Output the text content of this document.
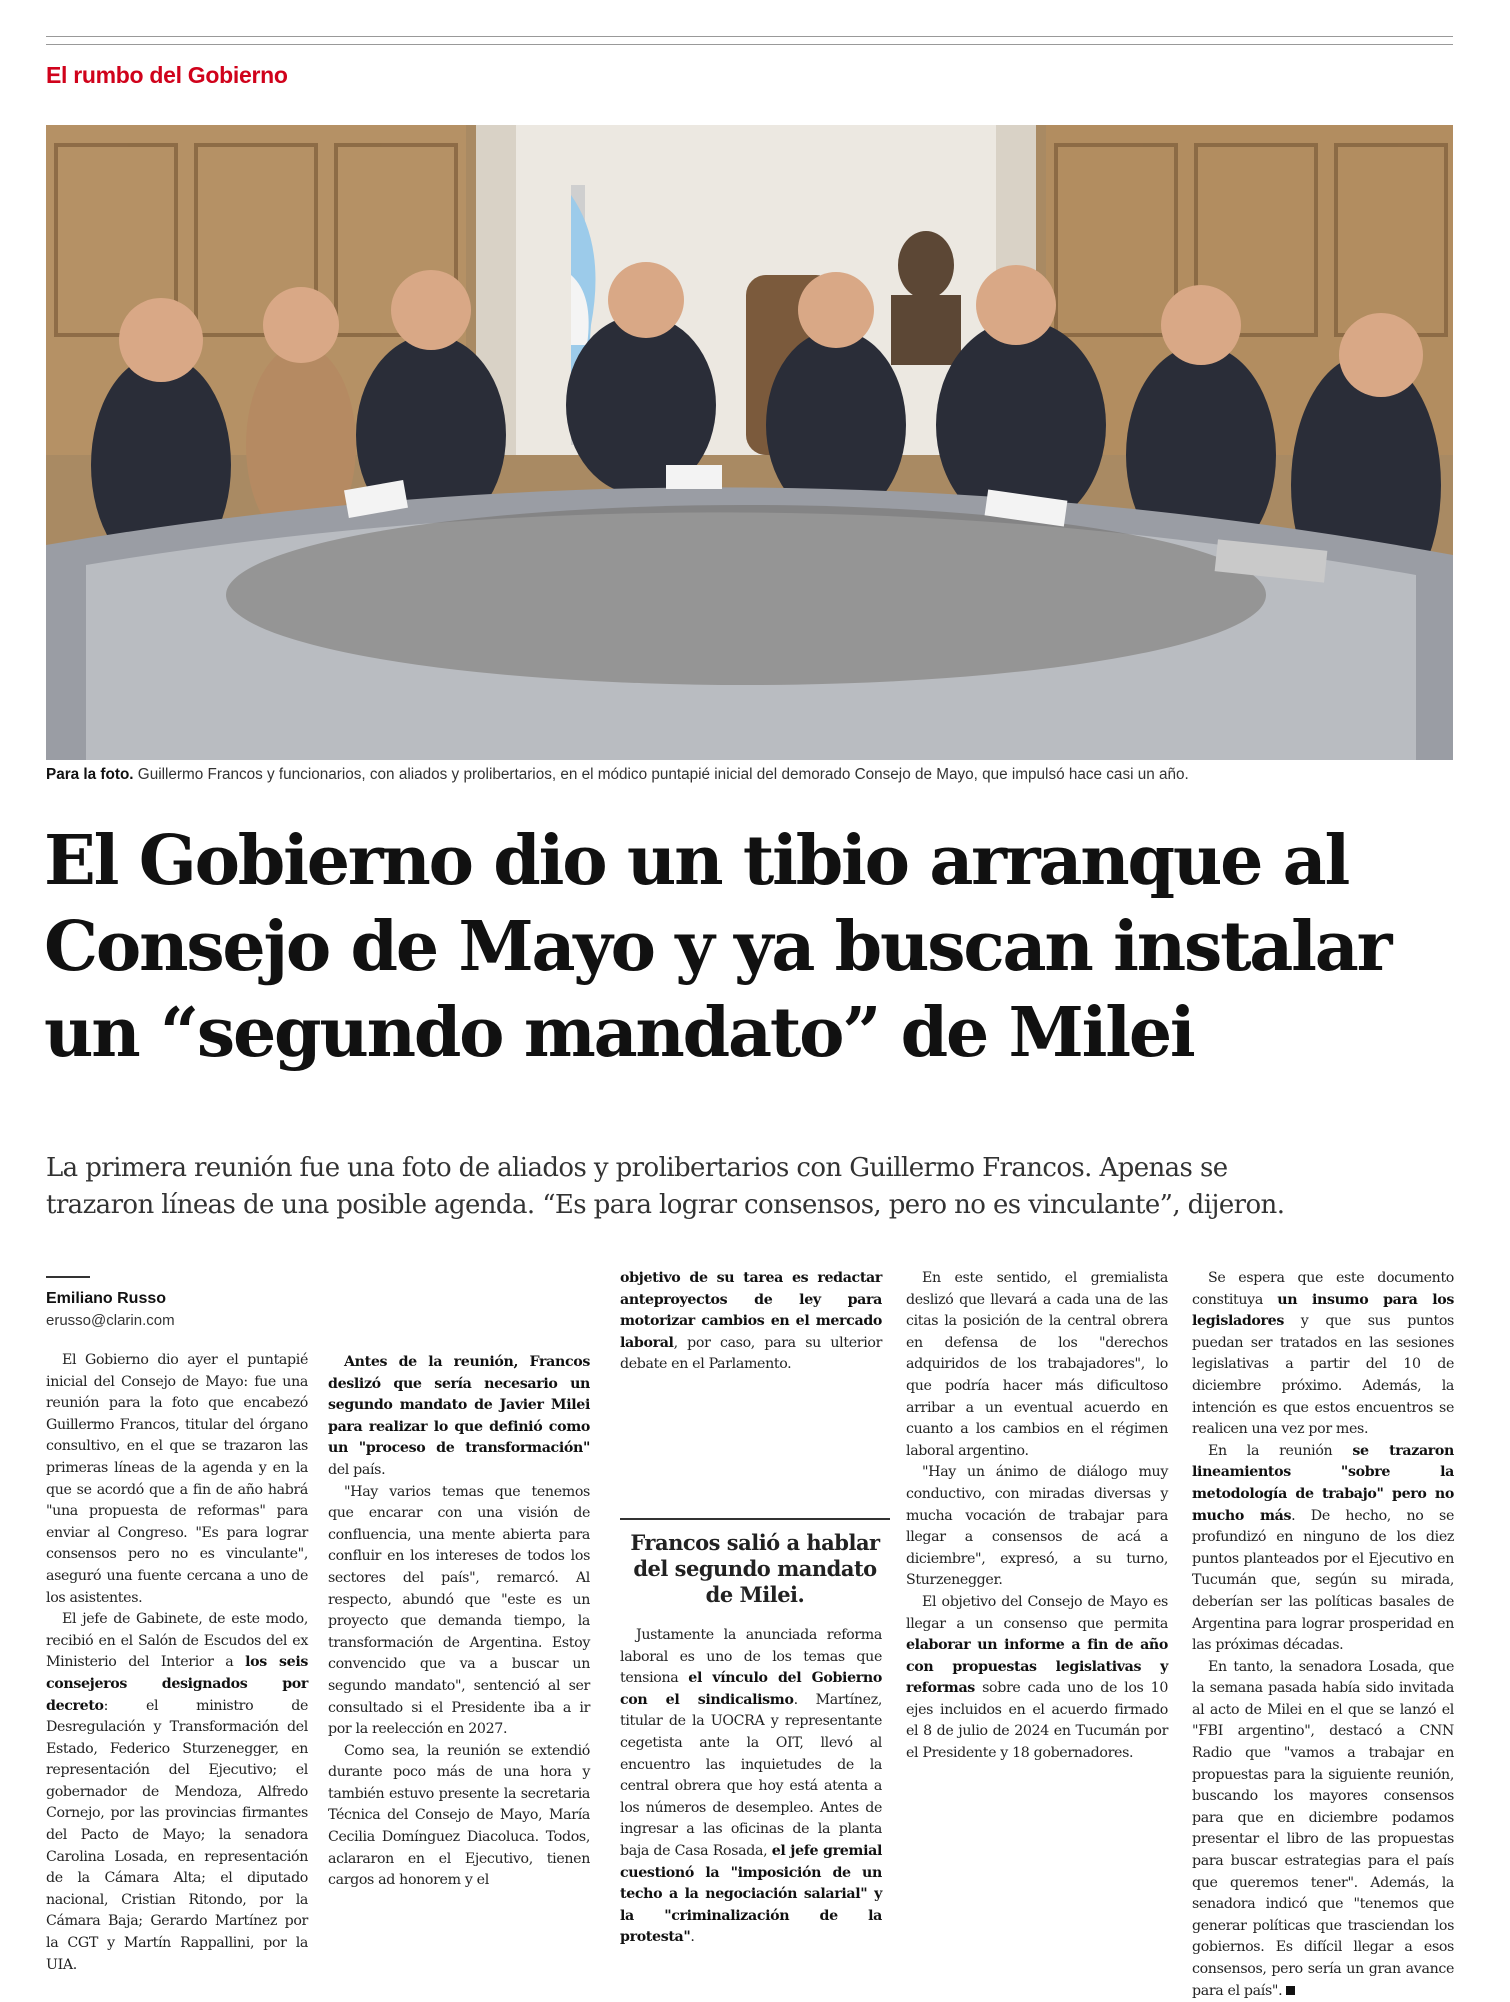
El rumbo del Gobierno
Para la foto. Guillermo Francos y funcionarios, con aliados y prolibertarios, en el módico puntapié inicial del demorado Consejo de Mayo, que impulsó hace casi un año.
El Gobierno dio un tibio arranque al
Consejo de Mayo y ya buscan instalar
un “segundo mandato” de Milei
La primera reunión fue una foto de aliados y prolibertarios con Guillermo Francos. Apenas se
trazaron líneas de una posible agenda. “Es para lograr consensos, pero no es vinculante”, dijeron.
Emiliano Russo
erusso@clarin.com

El Gobierno dio ayer el puntapié inicial del Consejo de Mayo: fue una reunión para la foto que encabezó Guillermo Francos, titular del órgano consultivo, en el que se trazaron las primeras líneas de la agenda y en la que se acordó que a fin de año habrá "una propuesta de reformas" para enviar al Congreso. "Es para lograr consensos pero no es vinculante", aseguró una fuente cercana a uno de los asistentes.

El jefe de Gabinete, de este modo, recibió en el Salón de Escudos del ex Ministerio del Interior a los seis consejeros designados por decreto: el ministro de Desregulación y Transformación del Estado, Federico Sturzenegger, en representación del Ejecutivo; el gobernador de Mendoza, Alfredo Cornejo, por las provincias firmantes del Pacto de Mayo; la senadora Carolina Losada, en representación de la Cámara Alta; el diputado nacional, Cristian Ritondo, por la Cámara Baja; Gerardo Martínez por la CGT y Martín Rappallini, por la UIA.

Antes de la reunión, Francos deslizó que sería necesario un segundo mandato de Javier Milei para realizar lo que definió como un "proceso de transformación" del país.

"Hay varios temas que tenemos que encarar con una visión de confluencia, una mente abierta para confluir en los intereses de todos los sectores del país", remarcó. Al respecto, abundó que "este es un proyecto que demanda tiempo, la transformación de Argentina. Estoy convencido que va a buscar un segundo mandato", sentenció al ser consultado si el Presidente iba a ir por la reelección en 2027.

Como sea, la reunión se extendió durante poco más de una hora y también estuvo presente la secretaria Técnica del Consejo de Mayo, María Cecilia Domínguez Diacoluca. Todos, aclararon en el Ejecutivo, tienen cargos ad honorem y el

objetivo de su tarea es redactar anteproyectos de ley para motorizar cambios en el mercado laboral, por caso, para su ulterior debate en el Parlamento.

Francos salió a hablar del segundo mandato de Milei.

Justamente la anunciada reforma laboral es uno de los temas que tensiona el vínculo del Gobierno con el sindicalismo. Martínez, titular de la UOCRA y representante cegetista ante la OIT, llevó al encuentro las inquietudes de la central obrera que hoy está atenta a los números de desempleo. Antes de ingresar a las oficinas de la planta baja de Casa Rosada, el jefe gremial cuestionó la "imposición de un techo a la negociación salarial" y la "criminalización de la protesta".

En este sentido, el gremialista deslizó que llevará a cada una de las citas la posición de la central obrera en defensa de los "derechos adquiridos de los trabajadores", lo que podría hacer más dificultoso arribar a un eventual acuerdo en cuanto a los cambios en el régimen laboral argentino.

"Hay un ánimo de diálogo muy conductivo, con miradas diversas y mucha vocación de trabajar para llegar a consensos de acá a diciembre", expresó, a su turno, Sturzenegger.

El objetivo del Consejo de Mayo es llegar a un consenso que permita elaborar un informe a fin de año con propuestas legislativas y reformas sobre cada uno de los 10 ejes incluidos en el acuerdo firmado el 8 de julio de 2024 en Tucumán por el Presidente y 18 gobernadores.

Se espera que este documento constituya un insumo para los legisladores y que sus puntos puedan ser tratados en las sesiones legislativas a partir del 10 de diciembre próximo. Además, la intención es que estos encuentros se realicen una vez por mes.

En la reunión se trazaron lineamientos "sobre la metodología de trabajo" pero no mucho más. De hecho, no se profundizó en ninguno de los diez puntos planteados por el Ejecutivo en Tucumán que, según su mirada, deberían ser las políticas basales de Argentina para lograr prosperidad en las próximas décadas.

En tanto, la senadora Losada, que la semana pasada había sido invitada al acto de Milei en el que se lanzó el "FBI argentino", destacó a CNN Radio que "vamos a trabajar en propuestas para la siguiente reunión, buscando los mayores consensos para que en diciembre podamos presentar el libro de las propuestas para buscar estrategias para el país que queremos tener". Además, la senadora indicó que "tenemos que generar políticas que trasciendan los gobiernos. Es difícil llegar a esos consensos, pero sería un gran avance para el país".
